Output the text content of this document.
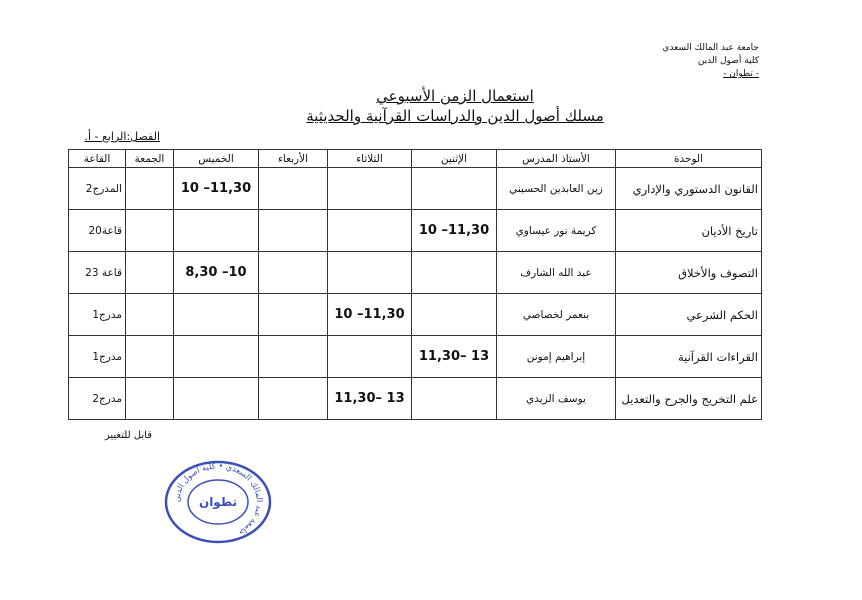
جامعة عبد المالك السعدي
كلية أصول الدين
- تطوان -
استعمال الزمن الأسبوعي
مسلك أصول الدين والدراسات القرآنية والحديثية
الفصل:الرابع - أ.
الوحدة	الأستاذ المدرس	الإثنين	الثلاثاء	الأربعاء	الخميس	الجمعة	القاعة
القانون الدستوري والإداري	زين العابدين الحسيني				10 –11,30		المدرج2
تاريخ الأديان	كريمة نور عيساوي	10 –11,30					قاعة20
التصوف والأخلاق	عبد الله الشارف				8,30 –10		قاعة 23
الحكم الشرعي	بنعمر لخصاصي		10 –11,30				مدرج1
القراءات القرآنية	إبراهيم إمونن	11,30– 13					مدرج1
علم التخريج والجرح والتعديل	يوسف الزيدي		11,30– 13				مدرج2
قابل للتغيير
جامعة عبد المالك السعدي • كلية أصول الدين
تطوان
